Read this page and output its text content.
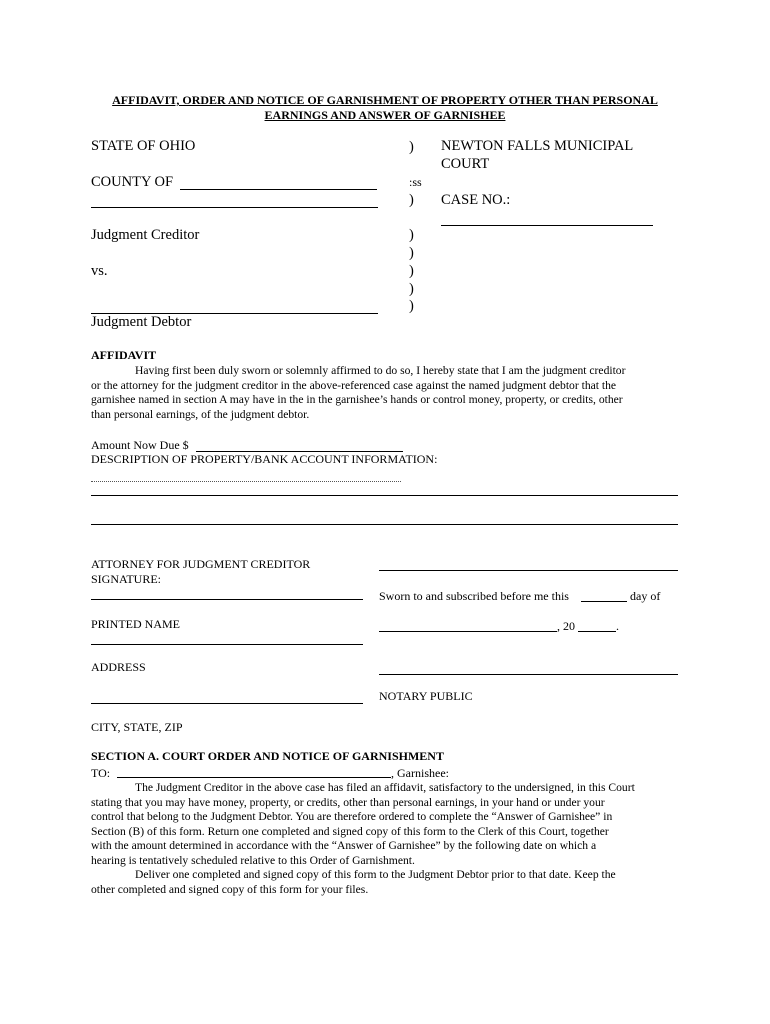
AFFIDAVIT, ORDER AND NOTICE OF GARNISHMENT OF PROPERTY OTHER THAN PERSONAL
EARNINGS AND ANSWER OF GARNISHEE
STATE OF OHIO
COUNTY OF
Judgment Creditor
vs.
Judgment Debtor
)
:ss
)
)
)
)
)
)
NEWTON FALLS MUNICIPAL
COURT
CASE NO.:
AFFIDAVIT
Having first been duly sworn or solemnly affirmed to do so, I hereby state that I am the judgment creditor
or the attorney for the judgment creditor in the above-referenced case against the named judgment debtor that the
garnishee named in section A may have in the in the garnishee’s hands or control money, property, or credits, other
than personal earnings, of the judgment debtor.
Amount Now Due $
DESCRIPTION OF PROPERTY/BANK ACCOUNT INFORMATION:
ATTORNEY FOR JUDGMENT CREDITOR
SIGNATURE:
Sworn to and subscribed before me this	day of
PRINTED NAME	, 20	.
ADDRESS
NOTARY PUBLIC
CITY, STATE, ZIP
SECTION A. COURT ORDER AND NOTICE OF GARNISHMENT
TO:	, Garnishee:
The Judgment Creditor in the above case has filed an affidavit, satisfactory to the undersigned, in this Court
stating that you may have money, property, or credits, other than personal earnings, in your hand or under your
control that belong to the Judgment Debtor. You are therefore ordered to complete the “Answer of Garnishee” in
Section (B) of this form. Return one completed and signed copy of this form to the Clerk of this Court, together
with the amount determined in accordance with the “Answer of Garnishee” by the following date on which a
hearing is tentatively scheduled relative to this Order of Garnishment.
Deliver one completed and signed copy of this form to the Judgment Debtor prior to that date. Keep the
other completed and signed copy of this form for your files.
